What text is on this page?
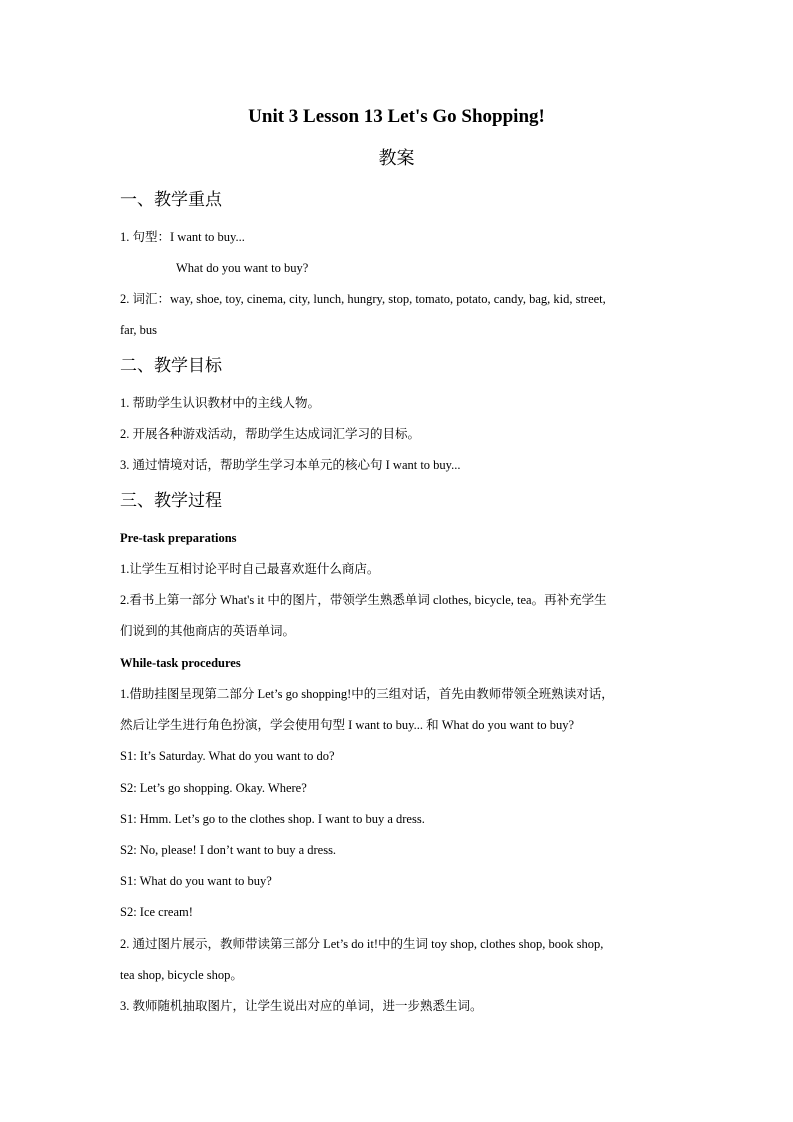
Unit 3 Lesson 13 Let's Go Shopping!
教案
一、教学重点
1. 句型：I want to buy...
What do you want to buy?
2. 词汇：way, shoe, toy, cinema, city, lunch, hungry, stop, tomato, potato, candy, bag, kid, street,
far, bus
二、教学目标
1. 帮助学生认识教材中的主线人物。
2. 开展各种游戏活动，帮助学生达成词汇学习的目标。
3. 通过情境对话，帮助学生学习本单元的核心句 I want to buy...
三、教学过程
Pre-task preparations
1.让学生互相讨论平时自己最喜欢逛什么商店。
2.看书上第一部分 What's it 中的图片，带领学生熟悉单词 clothes, bicycle, tea。再补充学生
们说到的其他商店的英语单词。
While-task procedures
1.借助挂图呈现第二部分 Let’s go shopping!中的三组对话，首先由教师带领全班熟读对话，
然后让学生进行角色扮演，学会使用句型 I want to buy... 和 What do you want to buy?
S1: It’s Saturday. What do you want to do?
S2: Let’s go shopping. Okay. Where?
S1: Hmm. Let’s go to the clothes shop. I want to buy a dress.
S2: No, please! I don’t want to buy a dress.
S1: What do you want to buy?
S2: Ice cream!
2. 通过图片展示，教师带读第三部分 Let’s do it!中的生词 toy shop, clothes shop, book shop,
tea shop, bicycle shop。
3. 教师随机抽取图片，让学生说出对应的单词，进一步熟悉生词。
